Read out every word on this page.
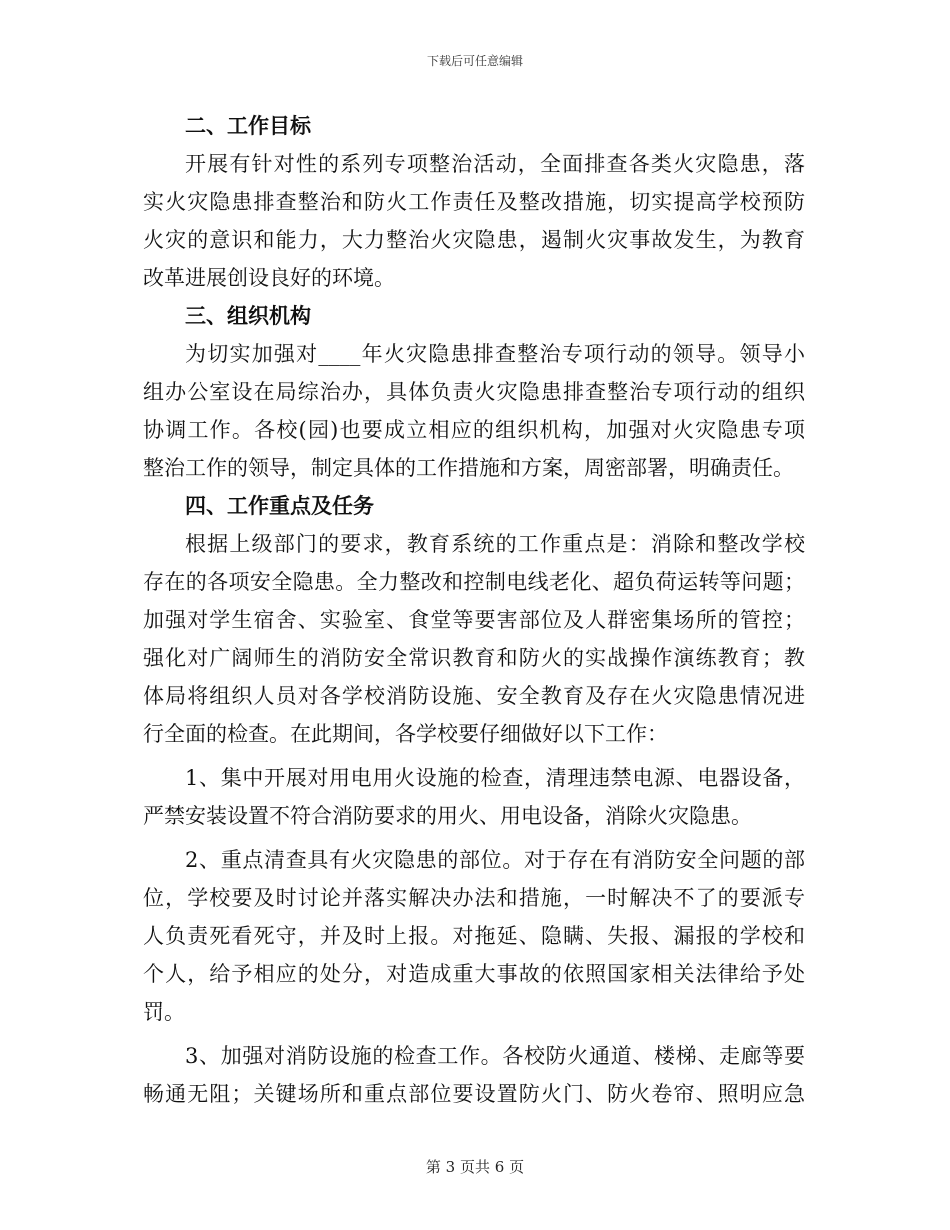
下载后可任意编辑
二、工作目标
开展有针对性的系列专项整治活动，全面排查各类火灾隐患，落
实火灾隐患排查整治和防火工作责任及整改措施，切实提高学校预防
火灾的意识和能力，大力整治火灾隐患，遏制火灾事故发生，为教育
改革进展创设良好的环境。
三、组织机构
为切实加强对____年火灾隐患排查整治专项行动的领导。领导小
组办公室设在局综治办，具体负责火灾隐患排查整治专项行动的组织
协调工作。各校(园)也要成立相应的组织机构，加强对火灾隐患专项
整治工作的领导，制定具体的工作措施和方案，周密部署，明确责任。
四、工作重点及任务
根据上级部门的要求，教育系统的工作重点是：消除和整改学校
存在的各项安全隐患。全力整改和控制电线老化、超负荷运转等问题；
加强对学生宿舍、实验室、食堂等要害部位及人群密集场所的管控；
强化对广阔师生的消防安全常识教育和防火的实战操作演练教育；教
体局将组织人员对各学校消防设施、安全教育及存在火灾隐患情况进
行全面的检查。在此期间，各学校要仔细做好以下工作：
1、集中开展对用电用火设施的检查，清理违禁电源、电器设备，
严禁安装设置不符合消防要求的用火、用电设备，消除火灾隐患。
2、重点清查具有火灾隐患的部位。对于存在有消防安全问题的部
位，学校要及时讨论并落实解决办法和措施，一时解决不了的要派专
人负责死看死守，并及时上报。对拖延、隐瞒、失报、漏报的学校和
个人，给予相应的处分，对造成重大事故的依照国家相关法律给予处
罚。
3、加强对消防设施的检查工作。各校防火通道、楼梯、走廊等要
畅通无阻；关键场所和重点部位要设置防火门、防火卷帘、照明应急
第 3 页共 6 页
